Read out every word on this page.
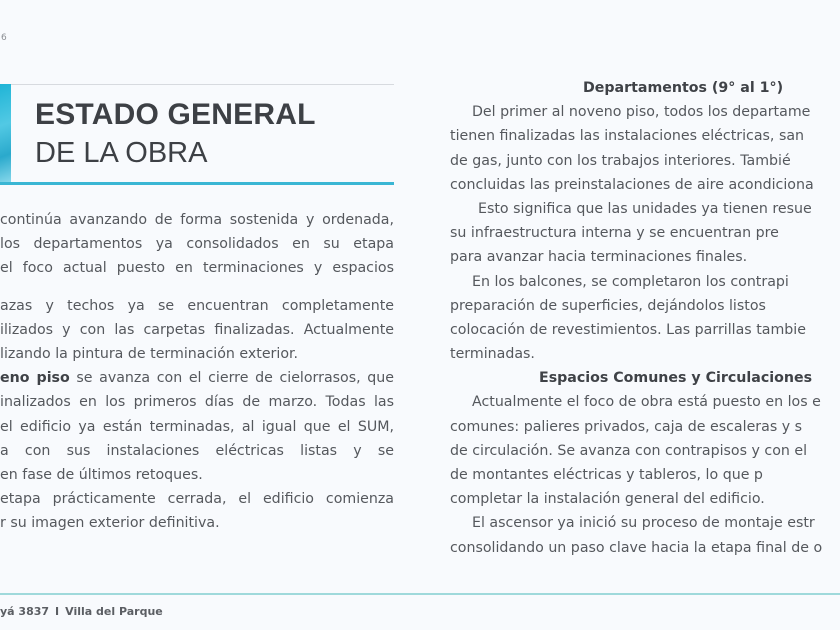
6
ESTADO GENERAL
DE LA OBRA
continúa avanzando de forma sostenida y ordenada,
los departamentos ya consolidados en su etapa
el foco actual puesto en terminaciones y espacios
azas y techos ya se encuentran completamente
ilizados y con las carpetas finalizadas. Actualmente
lizando la pintura de terminación exterior.
eno piso se avanza con el cierre de cielorrasos, que
inalizados en los primeros días de marzo. Todas las
el edificio ya están terminadas, al igual que el SUM,
a con sus instalaciones eléctricas listas y se
en fase de últimos retoques.
etapa prácticamente cerrada, el edificio comienza
r su imagen exterior definitiva.
Departamentos (9° al 1°)
Del primer al noveno piso, todos los departame
tienen finalizadas las instalaciones eléctricas, san
de gas, junto con los trabajos interiores. Tambié
concluidas las preinstalaciones de aire acondiciona
Esto significa que las unidades ya tienen resue
su infraestructura interna y se encuentran pre
para avanzar hacia terminaciones finales.
En los balcones, se completaron los contrapi
preparación de superficies, dejándolos listos
colocación de revestimientos. Las parrillas tambie
terminadas.
Espacios Comunes y Circulaciones
Actualmente el foco de obra está puesto en los e
comunes: palieres privados, caja de escaleras y s
de circulación. Se avanza con contrapisos y con el
de montantes eléctricas y tableros, lo que p
completar la instalación general del edificio.
El ascensor ya inició su proceso de montaje estr
consolidando un paso clave hacia la etapa final de o
yá 3837 I Villa del Parque
